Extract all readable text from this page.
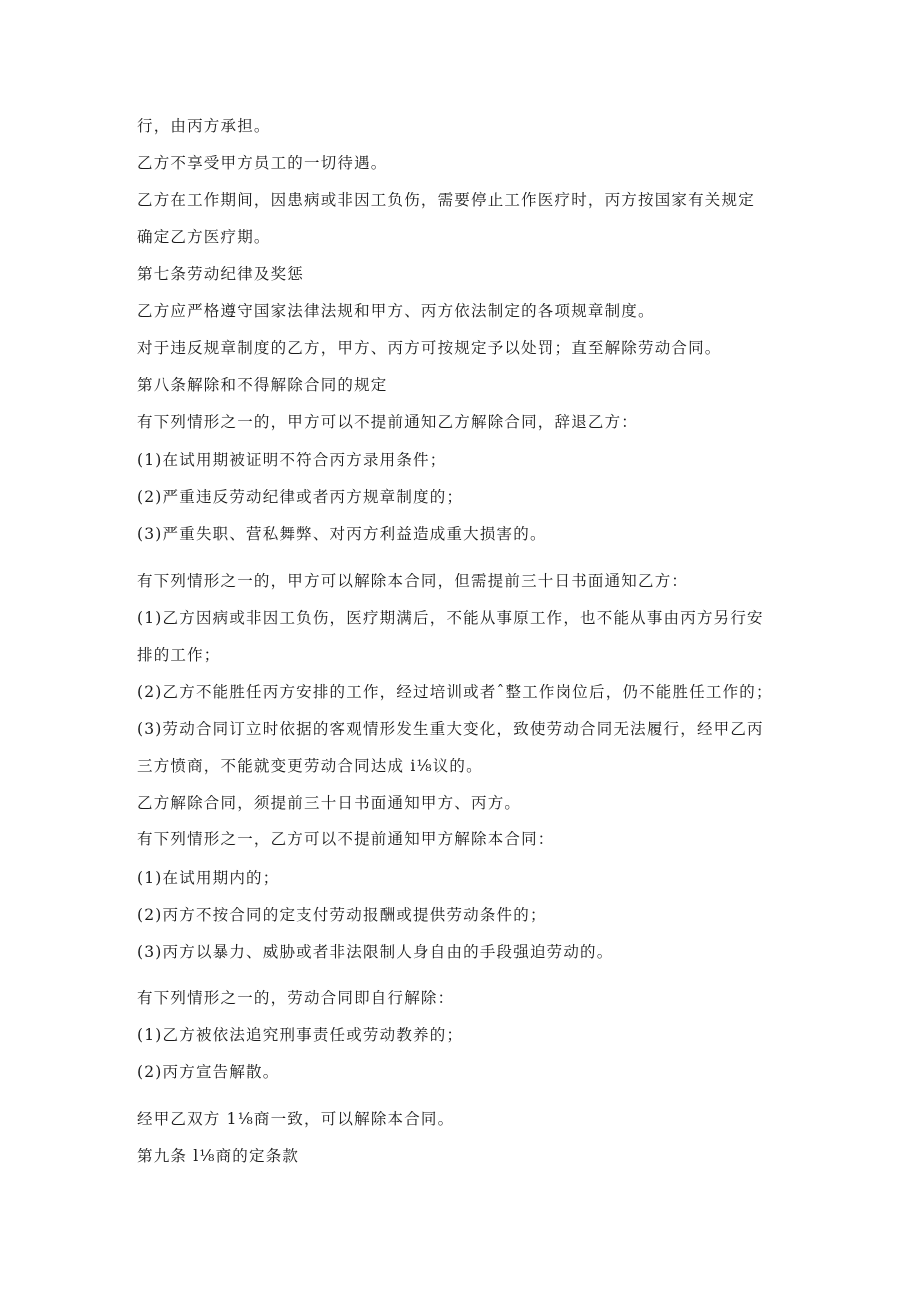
行，由丙方承担。
乙方不享受甲方员工的一切待遇。
乙方在工作期间，因患病或非因工负伤，需要停止工作医疗时，丙方按国家有关规定
确定乙方医疗期。
第七条劳动纪律及奖惩
乙方应严格遵守国家法律法规和甲方、丙方依法制定的各项规章制度。
对于违反规章制度的乙方，甲方、丙方可按规定予以处罚；直至解除劳动合同。
第八条解除和不得解除合同的规定
有下列情形之一的，甲方可以不提前通知乙方解除合同，辞退乙方：
(1)在试用期被证明不符合丙方录用条件；
(2)严重违反劳动纪律或者丙方规章制度的；
(3)严重失职、营私舞弊、对丙方利益造成重大损害的。
有下列情形之一的，甲方可以解除本合同，但需提前三十日书面通知乙方：
(1)乙方因病或非因工负伤，医疗期满后，不能从事原工作，也不能从事由丙方另行安
排的工作；
(2)乙方不能胜任丙方安排的工作，经过培训或者ˆ整工作岗位后，仍不能胜任工作的；
(3)劳动合同订立时依据的客观情形发生重大变化，致使劳动合同无法履行，经甲乙丙
三方愤商，不能就变更劳动合同达成 i⅛议的。
乙方解除合同，须提前三十日书面通知甲方、丙方。
有下列情形之一，乙方可以不提前通知甲方解除本合同：
(1)在试用期内的；
(2)丙方不按合同的定支付劳动报酬或提供劳动条件的；
(3)丙方以暴力、威胁或者非法限制人身自由的手段强迫劳动的。
有下列情形之一的，劳动合同即自行解除：
(1)乙方被依法追究刑事责任或劳动教养的；
(2)丙方宣告解散。
经甲乙双方 1⅛商一致，可以解除本合同。
第九条 l⅛商的定条款
